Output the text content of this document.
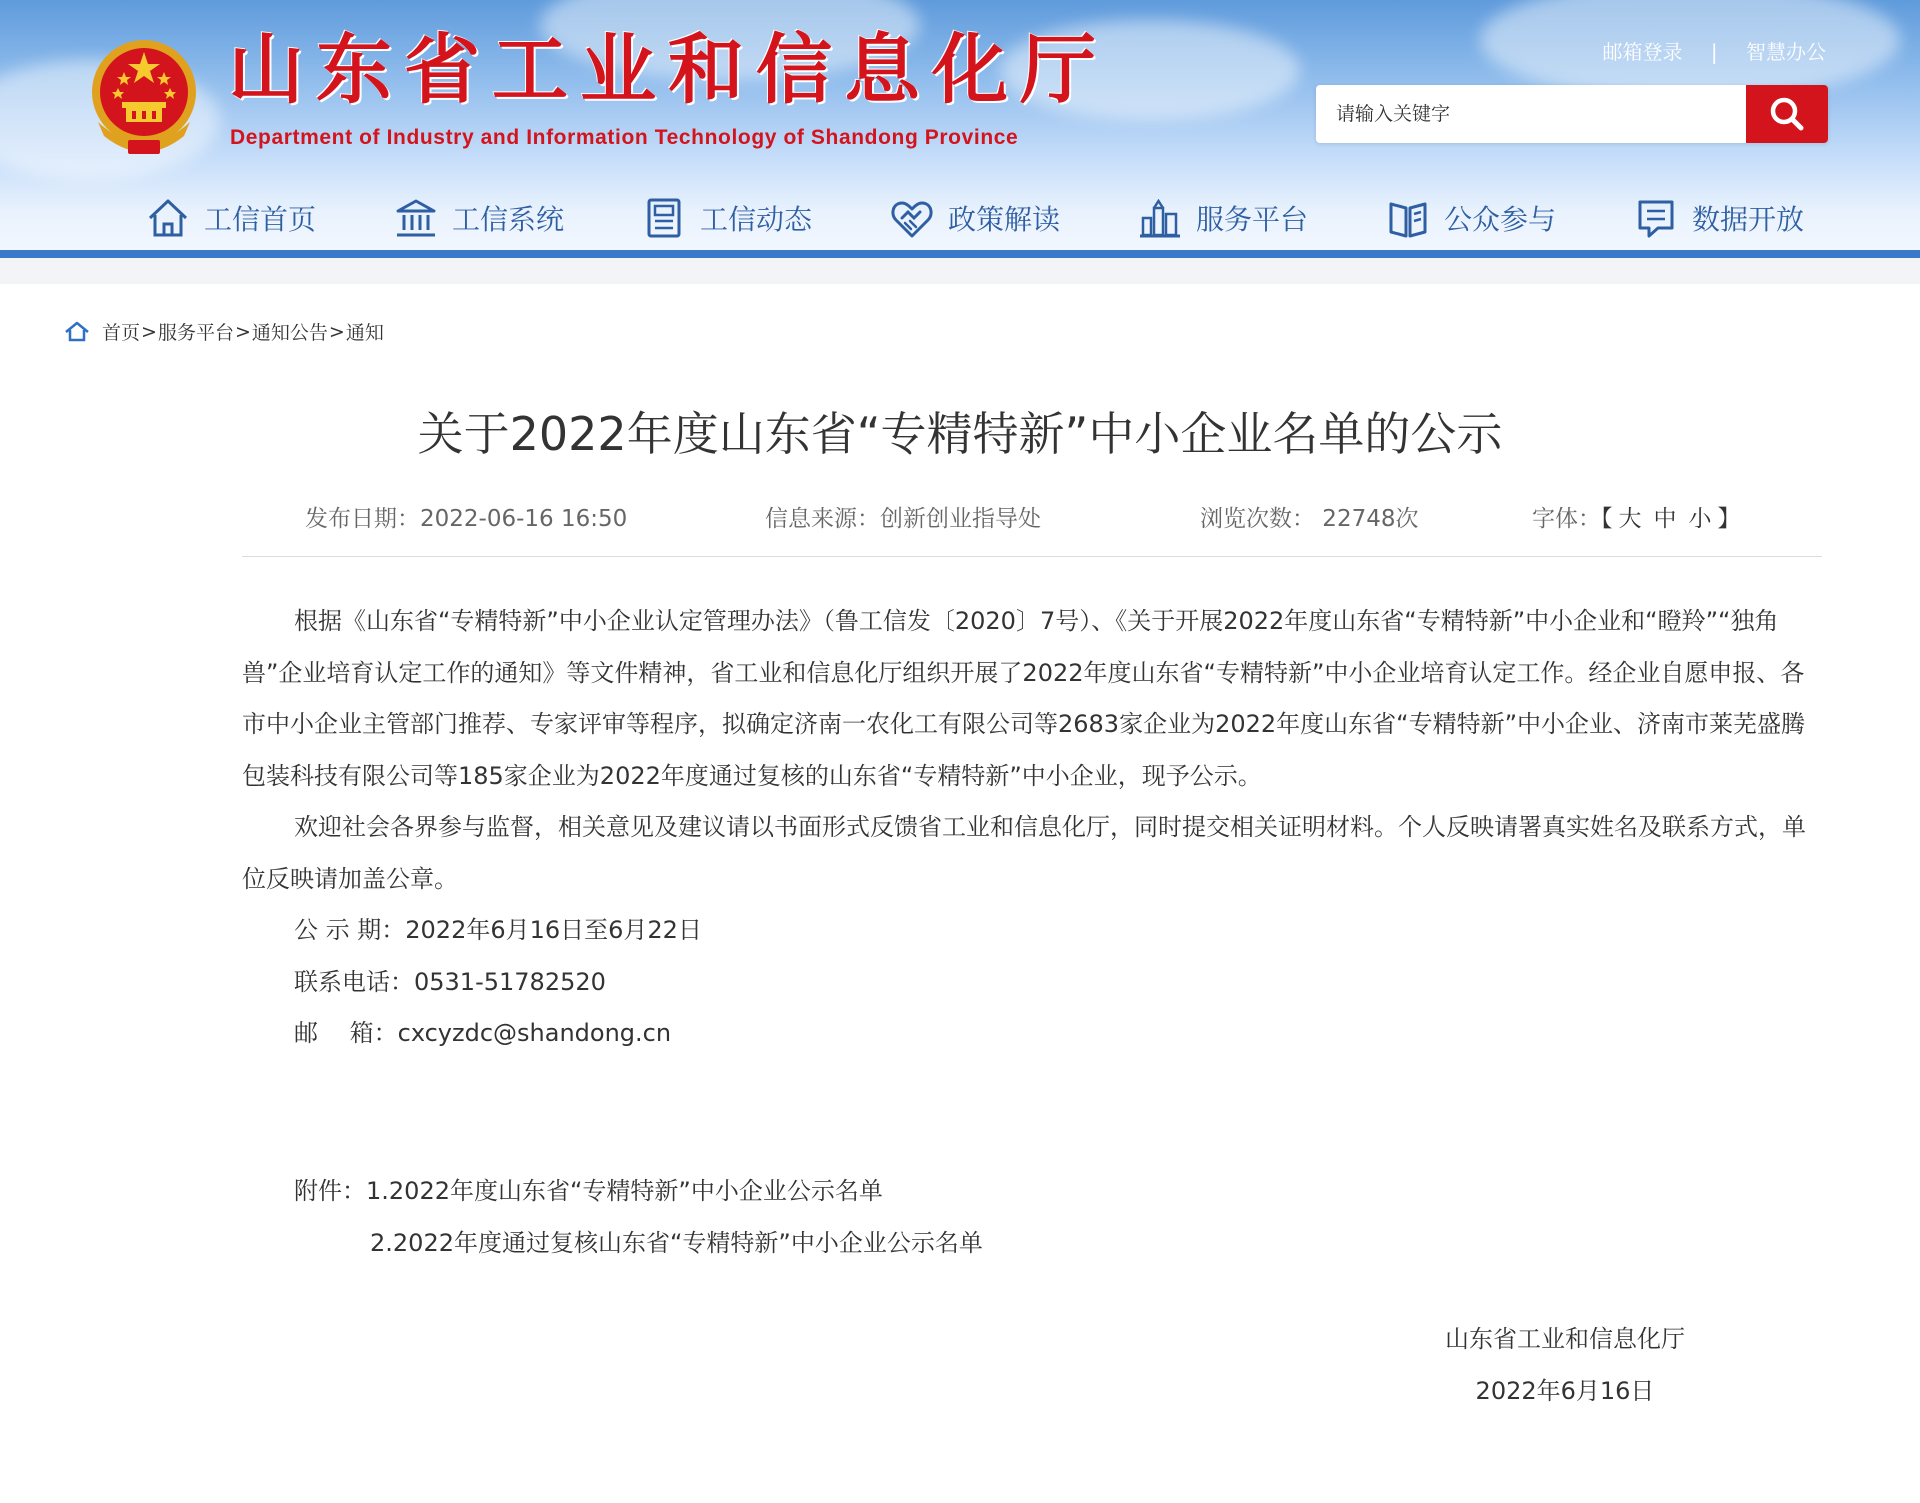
山东省工业和信息化厅
Department of Industry and Information Technology of Shandong Province
邮箱登录 | 智慧办公
请输入关键字
工信首页	工信系统	工信动态	政策解读	服务平台	公众参与	数据开放
首页 > 服务平台 > 通知公告 > 通知
关于2022年度山东省“专精特新”中小企业名单的公示
发布日期：2022-06-16 16:50	信息来源：创新创业指导处	浏览次数： 22748次	字体：【 大 中 小 】

根据《山东省“专精特新”中小企业认定管理办法》（鲁工信发〔2020〕7号）、《关于开展2022年度山东省“专精特新”中小企业和“瞪羚”“独角兽”企业培育认定工作的通知》等文件精神，省工业和信息化厅组织开展了2022年度山东省“专精特新”中小企业培育认定工作。经企业自愿申报、各市中小企业主管部门推荐、专家评审等程序，拟确定济南一农化工有限公司等2683家企业为2022年度山东省“专精特新”中小企业、济南市莱芜盛腾包装科技有限公司等185家企业为2022年度通过复核的山东省“专精特新”中小企业，现予公示。

欢迎社会各界参与监督，相关意见及建议请以书面形式反馈省工业和信息化厅，同时提交相关证明材料。个人反映请署真实姓名及联系方式，单位反映请加盖公章。

公 示 期：2022年6月16日至6月22日

联系电话：0531-51782520

邮　 箱：cxcyzdc@shandong.cn

附件：1.2022年度山东省“专精特新”中小企业公示名单
2.2022年度通过复核山东省“专精特新”中小企业公示名单
山东省工业和信息化厅
2022年6月16日
